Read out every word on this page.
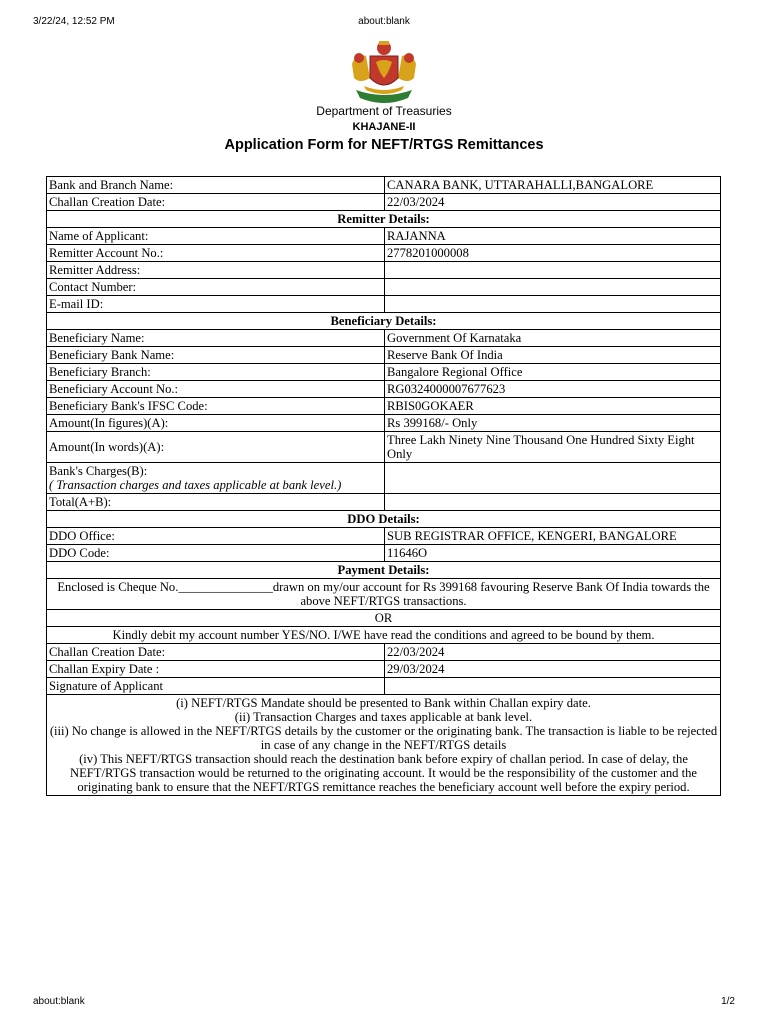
about:blank
3/22/24, 12:52 PM
Department of Treasuries
KHAJANE-II
Application Form for NEFT/RTGS Remittances
Bank and Branch Name:	CANARA BANK, UTTARAHALLI,BANGALORE
Challan Creation Date:	22/03/2024
Remitter Details:	
Name of Applicant:	RAJANNA
Remitter Account No.:	2778201000008
Remitter Address:	
Contact Number:	
E-mail ID:	
Beneficiary Details:	
Beneficiary Name:	Government Of Karnataka
Beneficiary Bank Name:	Reserve Bank Of India
Beneficiary Branch:	Bangalore Regional Office
Beneficiary Account No.:	RG0324000007677623
Beneficiary Bank's IFSC Code:	RBIS0GOKAER
Amount(In figures)(A):	Rs 399168/- Only
Amount(In words)(A):	Three Lakh Ninety Nine Thousand One Hundred Sixty Eight Only

Bank's Charges(B):
( Transaction charges and taxes applicable at bank level.)	

Total(A+B):	
DDO Details:	
DDO Office:	SUB REGISTRAR OFFICE, KENGERI, BANGALORE
DDO Code:	11646O
Payment Details:	
Enclosed is Cheque No._______________drawn on my/our account for Rs 399168 favouring Reserve Bank Of India towards the above NEFT/RTGS transactions.	
OR	
Kindly debit my account number YES/NO. I/WE have read the conditions and agreed to be bound by them.	
Challan Creation Date:	22/03/2024
Challan Expiry Date :	29/03/2024
Signature of Applicant	

(i) NEFT/RTGS Mandate should be presented to Bank within Challan expiry date.
(ii) Transaction Charges and taxes applicable at bank level.
(iii) No change is allowed in the NEFT/RTGS details by the customer or the originating bank. The transaction is liable to be rejected in case of any change in the NEFT/RTGS details
(iv) This NEFT/RTGS transaction should reach the destination bank before expiry of challan period. In case of delay, the NEFT/RTGS transaction would be returned to the originating account. It would be the responsibility of the customer and the originating bank to ensure that the NEFT/RTGS remittance reaches the beneficiary account well before the expiry period.	
about:blank	1/2
